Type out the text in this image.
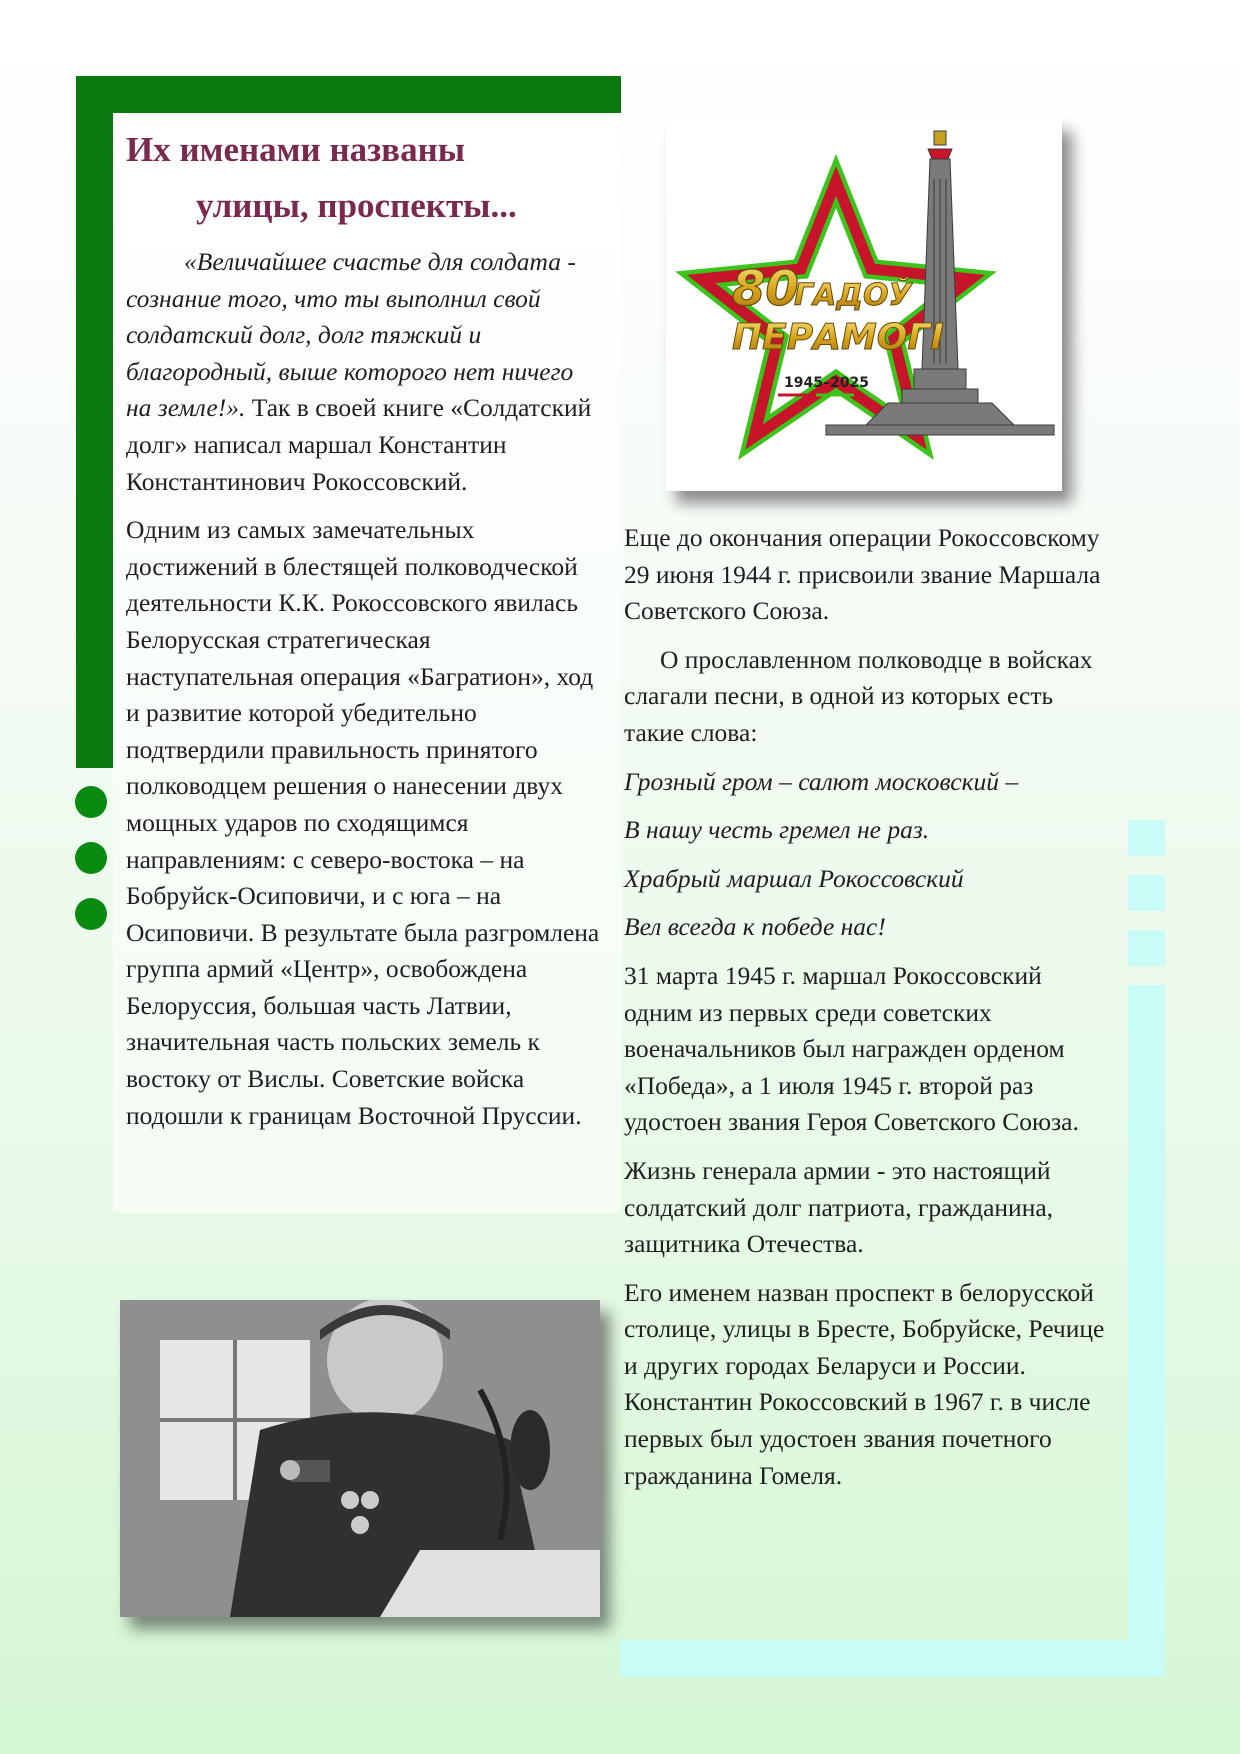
Их именами названы

улицы, проспекты...

«Величайшее счастье для солдата - сознание того, что ты выполнил свой солдатский долг, долг тяжкий и благородный, выше которого нет ничего на земле!». Так в своей книге «Солдатский долг» написал маршал Константин Константинович Рокоссовский.

Одним из самых замечательных достижений в блестящей полководческой деятельности К.К. Рокоссовского явилась Белорусская стратегическая наступательная операция «Багратион», ход и развитие которой убедительно подтвердили правильность принятого полководцем решения о нанесении двух мощных ударов по сходящимся направлениям: с северо-востока – на Бобруйск-Осиповичи, и с юга – на Осиповичи. В результате была разгромлена группа армий «Центр», освобождена Белоруссия, большая часть Латвии, значительная часть польских земель к востоку от Вислы. Советские войска подошли к границам Восточной Пруссии.

80
ГАДОЎ
ПЕРАМОГІ
1945–2025

Еще до окончания операции Рокоссовскому 29 июня 1944 г. присвоили звание Маршала Советского Союза.

О прославленном полководце в войсках слагали песни, в одной из которых есть такие слова:

Грозный гром – салют московский –

В нашу честь гремел не раз.

Храбрый маршал Рокоссовский

Вел всегда к победе нас!

31 марта 1945 г. маршал Рокоссовский одним из первых среди советских военачальников был награжден орденом «Победа», а 1 июля 1945 г. второй раз удостоен звания Героя Советского Союза.

Жизнь генерала армии - это настоящий солдатский долг патриота, гражданина, защитника Отечества.

Его именем назван проспект в белорусской столице, улицы в Бресте, Бобруйске, Речице и других городах Беларуси и России. Константин Рокоссовский в 1967 г. в числе первых был удостоен звания почетного гражданина Гомеля.
